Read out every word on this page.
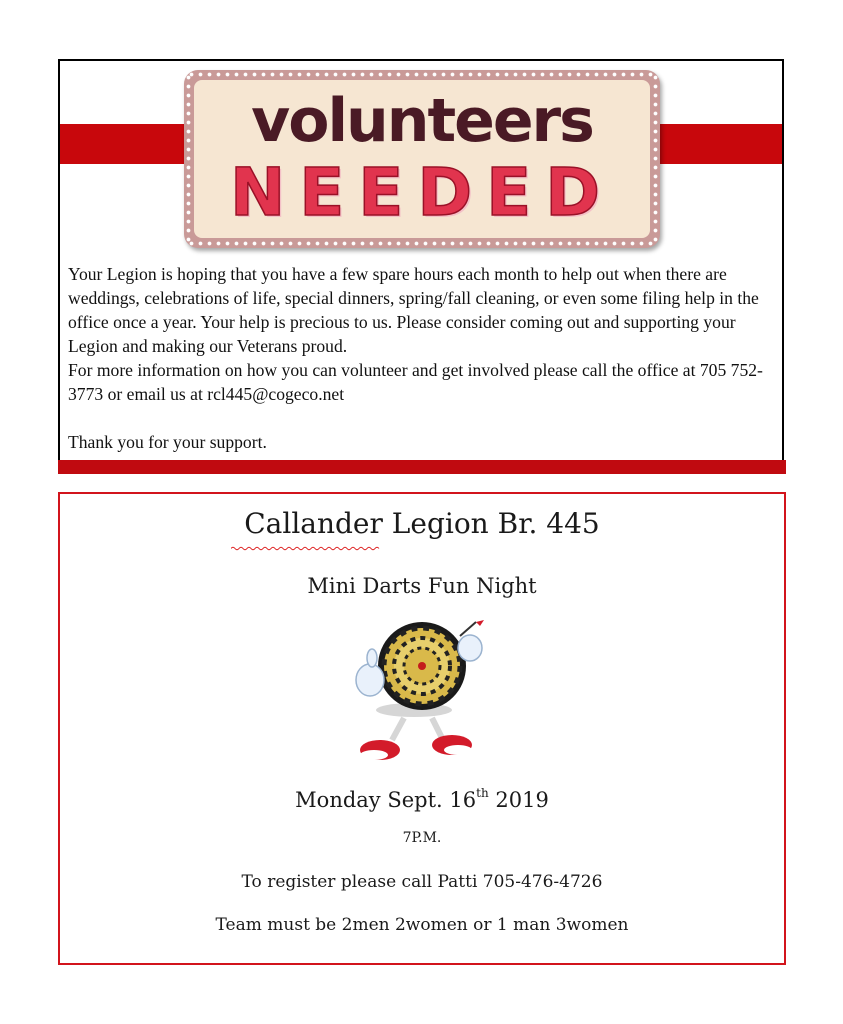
volunteers
NEEDED

Your Legion is hoping that you have a few spare hours each month to help out when there are weddings, celebrations of life, special dinners, spring/fall cleaning, or even some filing help in the office once a year. Your help is precious to us. Please consider coming out and supporting your Legion and making our Veterans proud.

For more information on how you can volunteer and get involved please call the office at 705 752-3773 or email us at rcl445@cogeco.net

Thank you for your support.

Callander Legion Br. 445
Mini Darts Fun Night
Monday Sept. 16th 2019
7P.M.
To register please call Patti 705-476-4726
Team must be 2men 2women or 1 man 3women
